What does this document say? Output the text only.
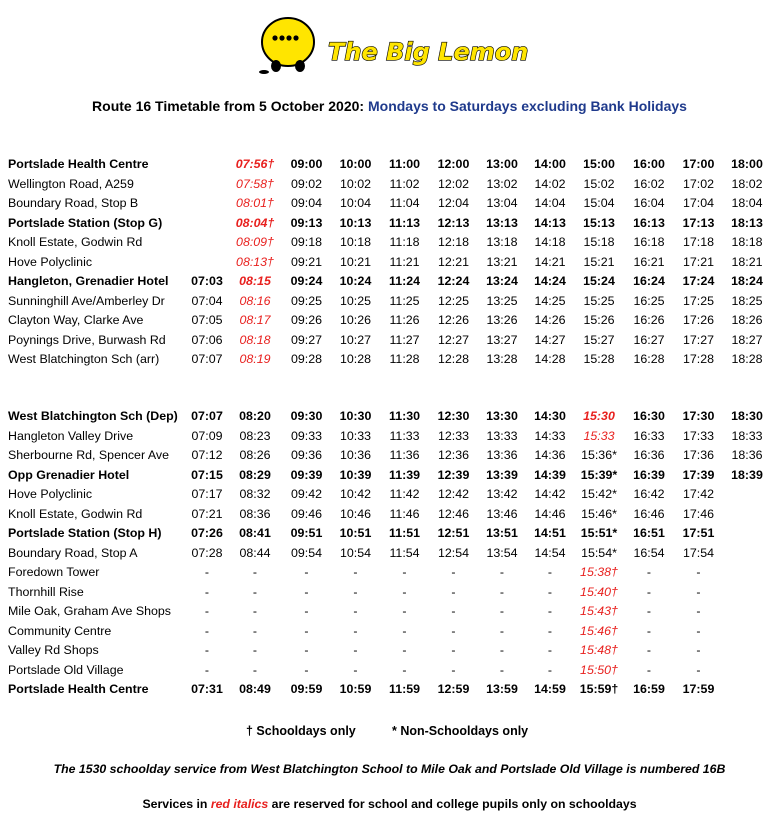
The Big Lemon
Route 16 Timetable from 5 October 2020: Mondays to Saturdays excluding Bank Holidays
Portslade Health Centre		07:56†	09:00	10:00	11:00	12:00	13:00	14:00	15:00	16:00	17:00	18:00
Wellington Road, A259		07:58†	09:02	10:02	11:02	12:02	13:02	14:02	15:02	16:02	17:02	18:02
Boundary Road, Stop B		08:01†	09:04	10:04	11:04	12:04	13:04	14:04	15:04	16:04	17:04	18:04
Portslade Station (Stop G)		08:04†	09:13	10:13	11:13	12:13	13:13	14:13	15:13	16:13	17:13	18:13
Knoll Estate, Godwin Rd		08:09†	09:18	10:18	11:18	12:18	13:18	14:18	15:18	16:18	17:18	18:18
Hove Polyclinic		08:13†	09:21	10:21	11:21	12:21	13:21	14:21	15:21	16:21	17:21	18:21
Hangleton, Grenadier Hotel	07:03	08:15	09:24	10:24	11:24	12:24	13:24	14:24	15:24	16:24	17:24	18:24
Sunninghill Ave/Amberley Dr	07:04	08:16	09:25	10:25	11:25	12:25	13:25	14:25	15:25	16:25	17:25	18:25
Clayton Way, Clarke Ave	07:05	08:17	09:26	10:26	11:26	12:26	13:26	14:26	15:26	16:26	17:26	18:26
Poynings Drive, Burwash Rd	07:06	08:18	09:27	10:27	11:27	12:27	13:27	14:27	15:27	16:27	17:27	18:27
West Blatchington Sch (arr)	07:07	08:19	09:28	10:28	11:28	12:28	13:28	14:28	15:28	16:28	17:28	18:28
West Blatchington Sch (Dep)	07:07	08:20	09:30	10:30	11:30	12:30	13:30	14:30	15:30	16:30	17:30	18:30
Hangleton Valley Drive	07:09	08:23	09:33	10:33	11:33	12:33	13:33	14:33	15:33	16:33	17:33	18:33
Sherbourne Rd, Spencer Ave	07:12	08:26	09:36	10:36	11:36	12:36	13:36	14:36	15:36*	16:36	17:36	18:36
Opp Grenadier Hotel	07:15	08:29	09:39	10:39	11:39	12:39	13:39	14:39	15:39*	16:39	17:39	18:39
Hove Polyclinic	07:17	08:32	09:42	10:42	11:42	12:42	13:42	14:42	15:42*	16:42	17:42	
Knoll Estate, Godwin Rd	07:21	08:36	09:46	10:46	11:46	12:46	13:46	14:46	15:46*	16:46	17:46	
Portslade Station (Stop H)	07:26	08:41	09:51	10:51	11:51	12:51	13:51	14:51	15:51*	16:51	17:51	
Boundary Road, Stop A	07:28	08:44	09:54	10:54	11:54	12:54	13:54	14:54	15:54*	16:54	17:54	
Foredown Tower	-	-	-	-	-	-	-	-	15:38†	-	-	
Thornhill Rise	-	-	-	-	-	-	-	-	15:40†	-	-	
Mile Oak, Graham Ave Shops	-	-	-	-	-	-	-	-	15:43†	-	-	
Community Centre	-	-	-	-	-	-	-	-	15:46†	-	-	
Valley Rd Shops	-	-	-	-	-	-	-	-	15:48†	-	-	
Portslade Old Village	-	-	-	-	-	-	-	-	15:50†	-	-	
Portslade Health Centre	07:31	08:49	09:59	10:59	11:59	12:59	13:59	14:59	15:59†	16:59	17:59	
† Schooldays only	* Non-Schooldays only
The 1530 schoolday service from West Blatchington School to Mile Oak and Portslade Old Village is numbered 16B
Services in red italics are reserved for school and college pupils only on schooldays
